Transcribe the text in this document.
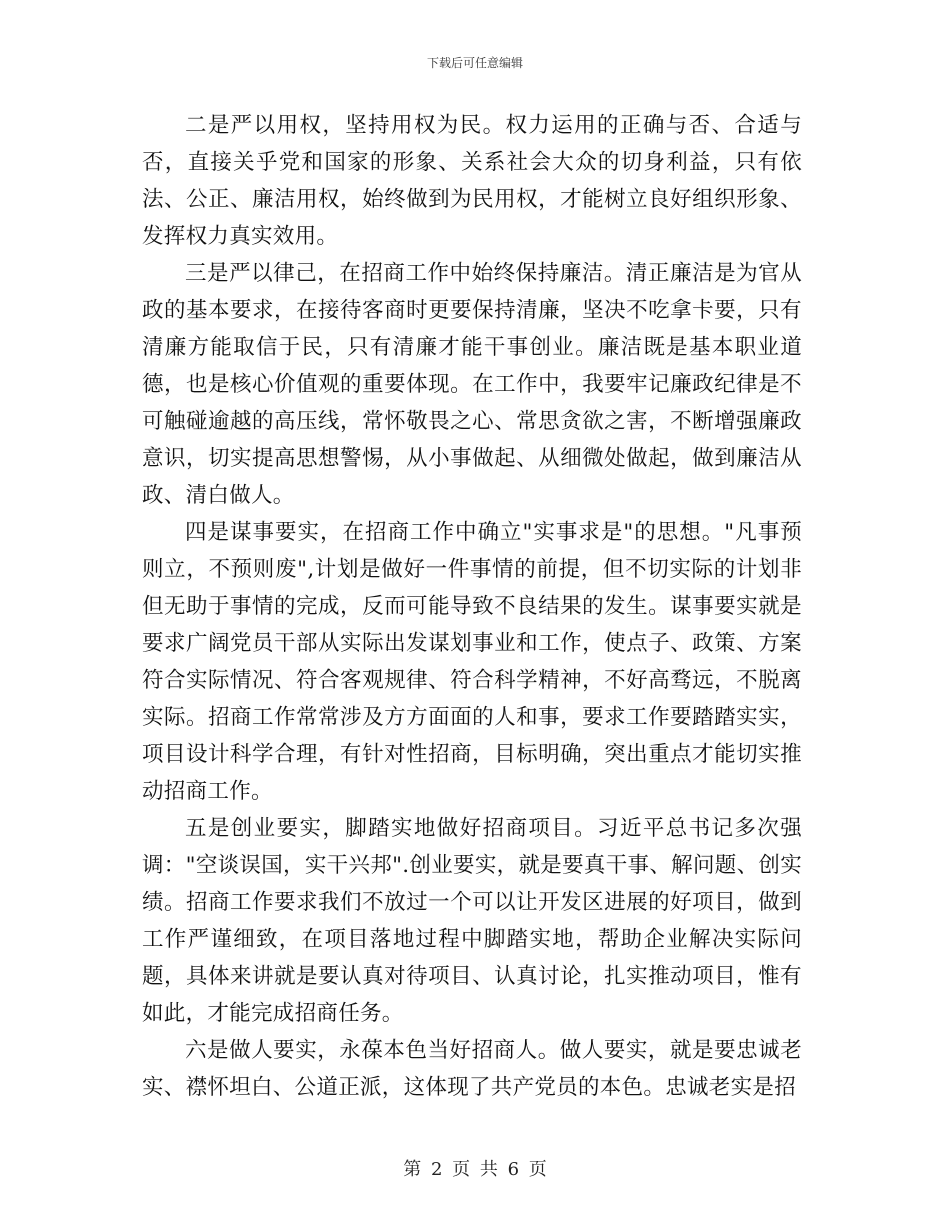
下载后可任意编辑

二是严以用权，坚持用权为民。权力运用的正确与否、合适与否，直接关乎党和国家的形象、关系社会大众的切身利益，只有依法、公正、廉洁用权，始终做到为民用权，才能树立良好组织形象、发挥权力真实效用。

三是严以律己，在招商工作中始终保持廉洁。清正廉洁是为官从政的基本要求，在接待客商时更要保持清廉，坚决不吃拿卡要，只有清廉方能取信于民，只有清廉才能干事创业。廉洁既是基本职业道德，也是核心价值观的重要体现。在工作中，我要牢记廉政纪律是不可触碰逾越的高压线，常怀敬畏之心、常思贪欲之害，不断增强廉政意识，切实提高思想警惕，从小事做起、从细微处做起，做到廉洁从政、清白做人。

四是谋事要实，在招商工作中确立"实事求是"的思想。"凡事预则立，不预则废",计划是做好一件事情的前提，但不切实际的计划非但无助于事情的完成，反而可能导致不良结果的发生。谋事要实就是要求广阔党员干部从实际出发谋划事业和工作，使点子、政策、方案符合实际情况、符合客观规律、符合科学精神，不好高骛远，不脱离实际。招商工作常常涉及方方面面的人和事，要求工作要踏踏实实，项目设计科学合理，有针对性招商，目标明确，突出重点才能切实推动招商工作。

五是创业要实，脚踏实地做好招商项目。习近平总书记多次强调："空谈误国，实干兴邦".创业要实，就是要真干事、解问题、创实绩。招商工作要求我们不放过一个可以让开发区进展的好项目，做到工作严谨细致，在项目落地过程中脚踏实地，帮助企业解决实际问题，具体来讲就是要认真对待项目、认真讨论，扎实推动项目，惟有如此，才能完成招商任务。

六是做人要实，永葆本色当好招商人。做人要实，就是要忠诚老实、襟怀坦白、公道正派，这体现了共产党员的本色。忠诚老实是招

第 2 页 共 6 页
